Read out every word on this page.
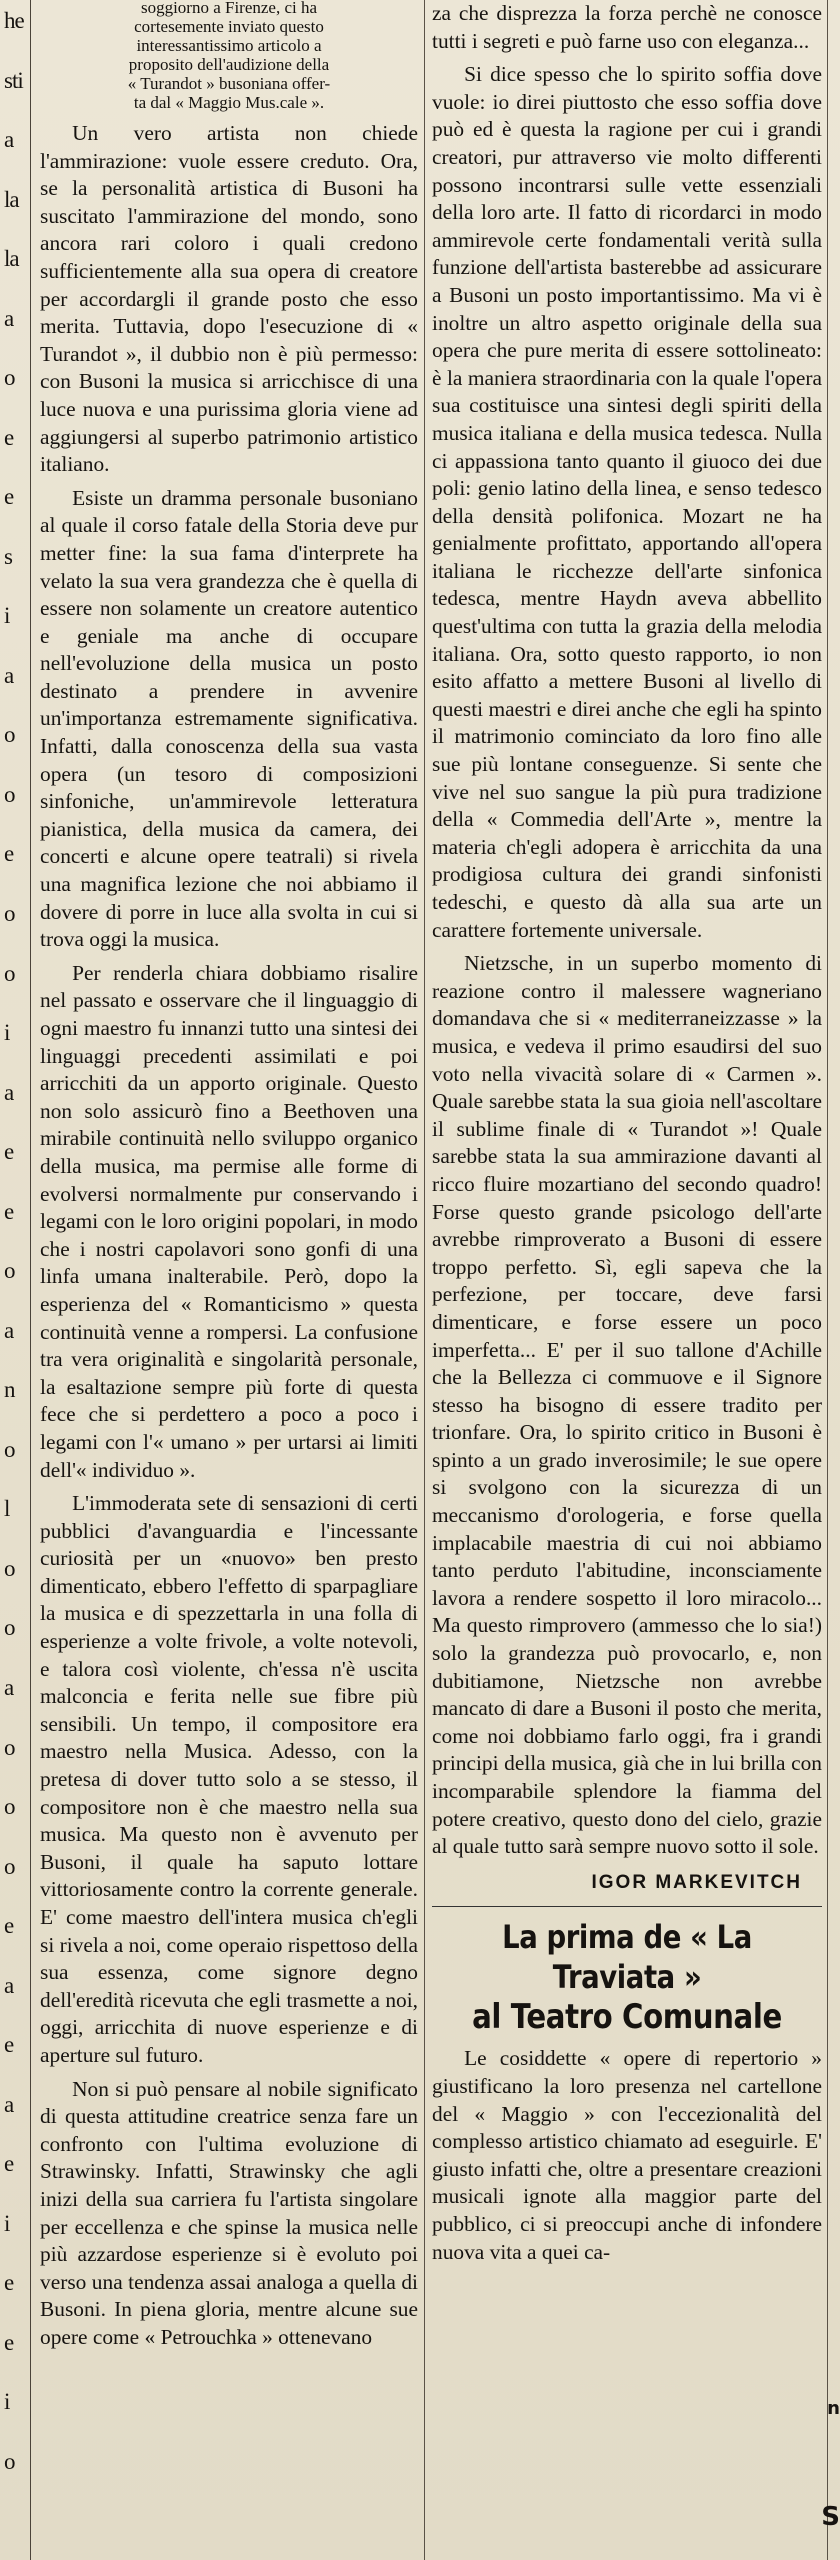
he
sti
a
la
la
a
o
e
e
s
i
a
o
o
e
o
o
i
a
e
e
o
a
n
o
l
o
o
a
o
o
o
e
a
e
a
e
i
e
e
i
o
soggiorno a Firenze, ci ha
cortesemente inviato questo
interessantissimo articolo a
proposito dell'audizione della
« Turandot » busoniana offer-
ta dal « Maggio Mus.cale ».

Un vero artista non chiede l'ammirazione: vuole essere creduto. Ora, se la personalità artistica di Busoni ha suscitato l'ammirazione del mondo, sono ancora rari coloro i quali credono sufficientemente alla sua opera di creatore per accordargli il grande posto che esso merita. Tuttavia, dopo l'esecuzione di « Turandot », il dubbio non è più permesso: con Busoni la musica si arricchisce di una luce nuova e una purissima gloria viene ad aggiungersi al superbo patrimonio artistico italiano.

Esiste un dramma personale busoniano al quale il corso fatale della Storia deve pur metter fine: la sua fama d'interprete ha velato la sua vera grandezza che è quella di essere non solamente un creatore autentico e geniale ma anche di occupare nell'evoluzione della musica un posto destinato a prendere in avvenire un'importanza estremamente significativa. Infatti, dalla conoscenza della sua vasta opera (un tesoro di composizioni sinfoniche, un'ammirevole letteratura pianistica, della musica da camera, dei concerti e alcune opere teatrali) si rivela una magnifica lezione che noi abbiamo il dovere di porre in luce alla svolta in cui si trova oggi la musica.

Per renderla chiara dobbiamo risalire nel passato e osservare che il linguaggio di ogni maestro fu innanzi tutto una sintesi dei linguaggi precedenti assimilati e poi arricchiti da un apporto originale. Questo non solo assicurò fino a Beethoven una mirabile continuità nello sviluppo organico della musica, ma permise alle forme di evolversi normalmente pur conservando i legami con le loro origini popolari, in modo che i nostri capolavori sono gonfi di una linfa umana inalterabile. Però, dopo la esperienza del « Romanticismo » questa continuità venne a rompersi. La confusione tra vera originalità e singolarità personale, la esaltazione sempre più forte di questa fece che si perdettero a poco a poco i legami con l'« umano » per urtarsi ai limiti dell'« individuo ».

L'immoderata sete di sensazioni di certi pubblici d'avanguardia e l'incessante curiosità per un «nuovo» ben presto dimenticato, ebbero l'effetto di sparpagliare la musica e di spezzettarla in una folla di esperienze a volte frivole, a volte notevoli, e talora così violente, ch'essa n'è uscita malconcia e ferita nelle sue fibre più sensibili. Un tempo, il compositore era maestro nella Musica. Adesso, con la pretesa di dover tutto solo a se stesso, il compositore non è che maestro nella sua musica. Ma questo non è avvenuto per Busoni, il quale ha saputo lottare vittoriosamente contro la corrente generale. E' come maestro dell'intera musica ch'egli si rivela a noi, come operaio rispettoso della sua essenza, come signore degno dell'eredità ricevuta che egli trasmette a noi, oggi, arricchita di nuove esperienze e di aperture sul futuro.

Non si può pensare al nobile significato di questa attitudine creatrice senza fare un confronto con l'ultima evoluzione di Strawinsky. Infatti, Strawinsky che agli inizi della sua carriera fu l'artista singolare per eccellenza e che spinse la musica nelle più azzardose esperienze si è evoluto poi verso una tendenza assai analoga a quella di Busoni. In piena gloria, mentre alcune sue opere come « Petrouchka » ottenevano

za che disprezza la forza perchè ne conosce tutti i segreti e può farne uso con eleganza...

Si dice spesso che lo spirito soffia dove vuole: io direi piuttosto che esso soffia dove può ed è questa la ragione per cui i grandi creatori, pur attraverso vie molto differenti possono incontrarsi sulle vette essenziali della loro arte. Il fatto di ricordarci in modo ammirevole certe fondamentali verità sulla funzione dell'artista basterebbe ad assicurare a Busoni un posto importantissimo. Ma vi è inoltre un altro aspetto originale della sua opera che pure merita di essere sottolineato: è la maniera straordinaria con la quale l'opera sua costituisce una sintesi degli spiriti della musica italiana e della musica tedesca. Nulla ci appassiona tanto quanto il giuoco dei due poli: genio latino della linea, e senso tedesco della densità polifonica. Mozart ne ha genialmente profittato, apportando all'opera italiana le ricchezze dell'arte sinfonica tedesca, mentre Haydn aveva abbellito quest'ultima con tutta la grazia della melodia italiana. Ora, sotto questo rapporto, io non esito affatto a mettere Busoni al livello di questi maestri e direi anche che egli ha spinto il matrimonio cominciato da loro fino alle sue più lontane conseguenze. Si sente che vive nel suo sangue la più pura tradizione della « Commedia dell'Arte », mentre la materia ch'egli adopera è arricchita da una prodigiosa cultura dei grandi sinfonisti tedeschi, e questo dà alla sua arte un carattere fortemente universale.

Nietzsche, in un superbo momento di reazione contro il malessere wagneriano domandava che si « mediterraneizzasse » la musica, e vedeva il primo esaudirsi del suo voto nella vivacità solare di « Carmen ». Quale sarebbe stata la sua gioia nell'ascoltare il sublime finale di « Turandot »! Quale sarebbe stata la sua ammirazione davanti al ricco fluire mozartiano del secondo quadro! Forse questo grande psicologo dell'arte avrebbe rimproverato a Busoni di essere troppo perfetto. Sì, egli sapeva che la perfezione, per toccare, deve farsi dimenticare, e forse essere un poco imperfetta... E' per il suo tallone d'Achille che la Bellezza ci commuove e il Signore stesso ha bisogno di essere tradito per trionfare. Ora, lo spirito critico in Busoni è spinto a un grado inverosimile; le sue opere si svolgono con la sicurezza di un meccanismo d'orologeria, e forse quella implacabile maestria di cui noi abbiamo tanto perduto l'abitudine, inconsciamente lavora a rendere sospetto il loro miracolo... Ma questo rimprovero (ammesso che lo sia!) solo la grandezza può provocarlo, e, non dubitiamone, Nietzsche non avrebbe mancato di dare a Busoni il posto che merita, come noi dobbiamo farlo oggi, fra i grandi principi della musica, già che in lui brilla con incomparabile splendore la fiamma del potere creativo, questo dono del cielo, grazie al quale tutto sarà sempre nuovo sotto il sole.

IGOR MARKEVITCH
La prima de « La Traviata »
al Teatro Comunale

Le cosiddette « opere di repertorio » giustificano la loro presenza nel cartellone del « Maggio » con l'eccezionalità del complesso artistico chiamato ad eseguirle. E' giusto infatti che, oltre a presentare creazioni musicali ignote alla maggior parte del pubblico, ci si preoccupi anche di infondere nuova vita a quei ca-

n
S
